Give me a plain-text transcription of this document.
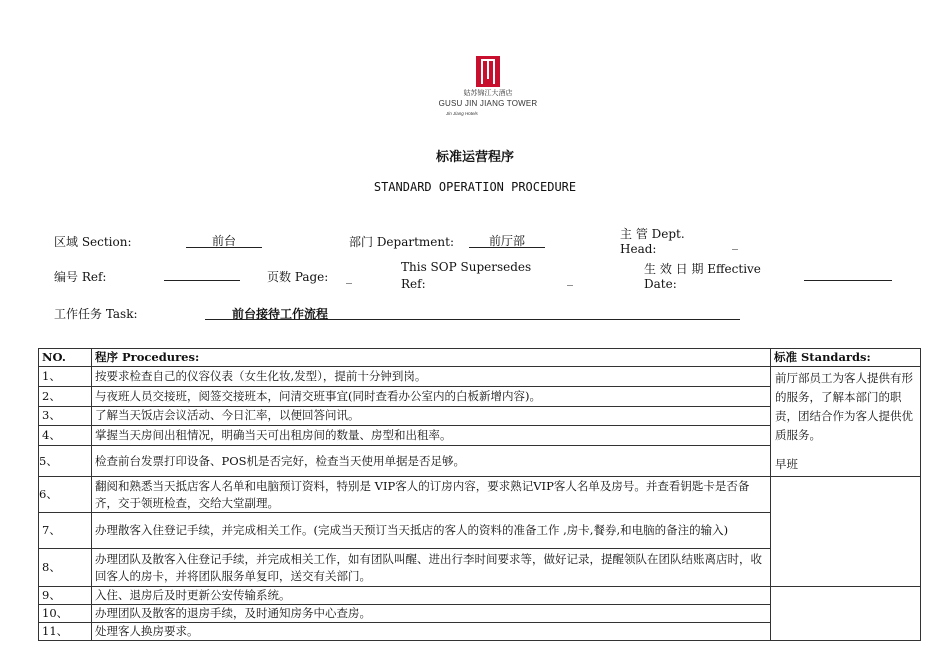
姑苏锦江大酒店
GUSU JIN JIANG TOWER
Jin Jiang Hotels
标准运营程序
STANDARD OPERATION PROCEDURE
区域 Section:	前台	部门 Department:	前厅部	主 管 Dept.
Head:	_
编号 Ref:	页数 Page: _
This SOP Supersedes
Ref:	_
生 效 日 期 Effective
Date:
工作任务 Task:	前台接待工作流程
NO.	程序 Procedures:	标准 Standards:
1、	按要求检查自己的仪容仪表（女生化妆,发型），提前十分钟到岗。	前厅部员工为客人提供有形的服务，了解本部门的职责，团结合作为客人提供优质服务。
早班

2、	与夜班人员交接班，阅签交接班本，问清交班事宜(同时查看办公室内的白板新增内容)。	
3、	了解当天饭店会议活动、今日汇率，以便回答问讯。	
4、	掌握当天房间出租情况，明确当天可出租房间的数量、房型和出租率。	
5、	检查前台发票打印设备、POS机是否完好，检查当天使用单据是否足够。	
6、	翻阅和熟悉当天抵店客人名单和电脑预订资料，特别是 VIP客人的订房内容，要求熟记VIP客人名单及房号。并查看钥匙卡是否备齐，交于领班检查，交给大堂副理。	
7、	办理散客入住登记手续，并完成相关工作。(完成当天预订当天抵店的客人的资料的准备工作 ,房卡,餐券,和电脑的备注的输入)	
8、	办理团队及散客入住登记手续，并完成相关工作，如有团队叫醒、进出行李时间要求等，做好记录，提醒领队在团队结账离店时，收回客人的房卡，并将团队服务单复印，送交有关部门。	
9、	入住、退房后及时更新公安传输系统。	
10、	办理团队及散客的退房手续，及时通知房务中心查房。	
11、	处理客人换房要求。	
